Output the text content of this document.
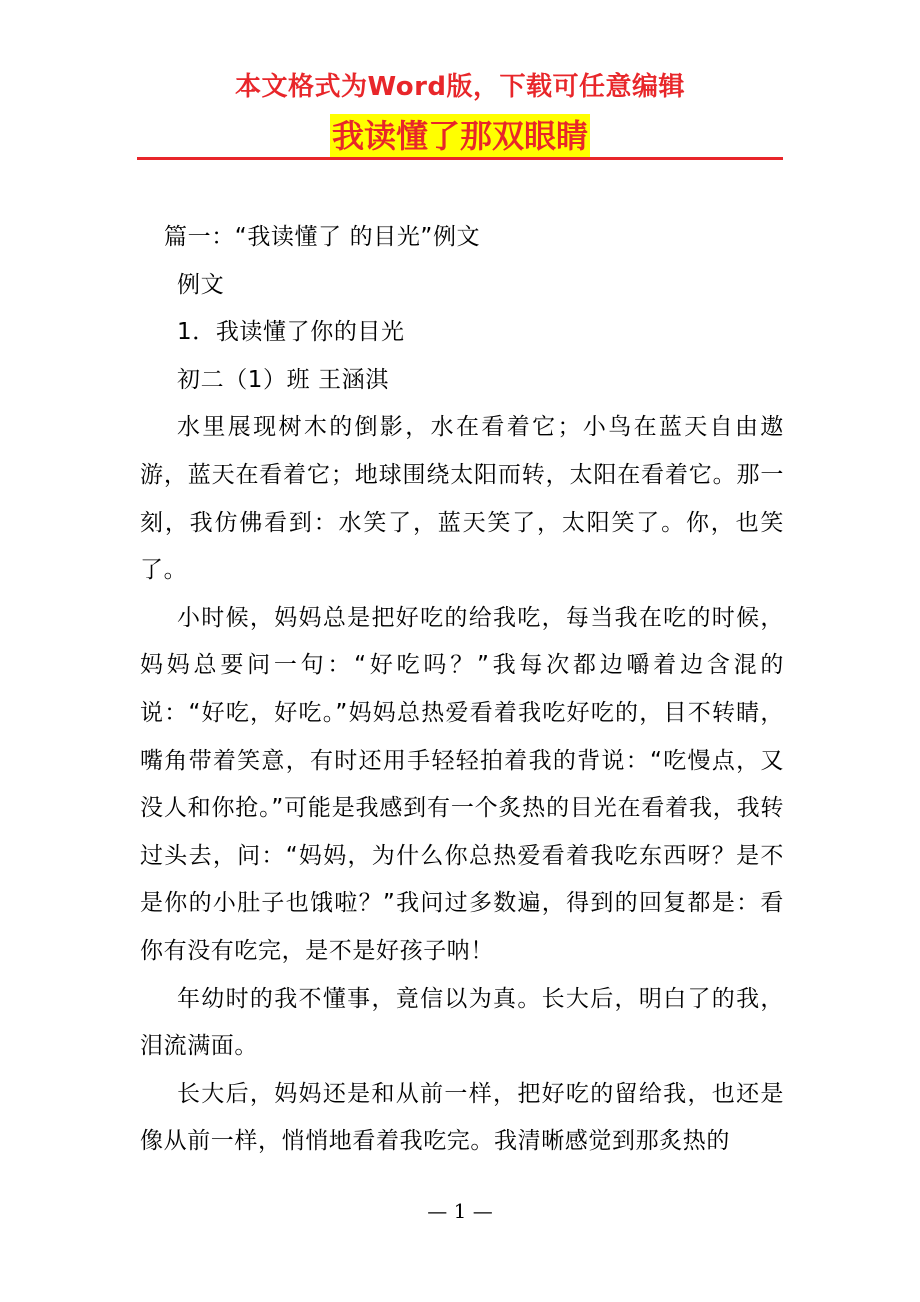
本文格式为Word版，下载可任意编辑
我读懂了那双眼睛

篇一：“我读懂了 的目光”例文

例文

1．我读懂了你的目光

初二（1）班 王涵淇

水里展现树木的倒影，水在看着它；小鸟在蓝天自由遨游，蓝天在看着它；地球围绕太阳而转，太阳在看着它。那一刻，我仿佛看到：水笑了，蓝天笑了，太阳笑了。你，也笑了。

小时候，妈妈总是把好吃的给我吃，每当我在吃的时候，妈妈总要问一句：“好吃吗？”我每次都边嚼着边含混的说：“好吃，好吃。”妈妈总热爱看着我吃好吃的，目不转睛，嘴角带着笑意，有时还用手轻轻拍着我的背说：“吃慢点，又没人和你抢。”可能是我感到有一个炙热的目光在看着我，我转过头去，问：“妈妈，为什么你总热爱看着我吃东西呀？是不是你的小肚子也饿啦？”我问过多数遍，得到的回复都是：看你有没有吃完，是不是好孩子呐！

年幼时的我不懂事，竟信以为真。长大后，明白了的我，泪流满面。

长大后，妈妈还是和从前一样，把好吃的留给我，也还是像从前一样，悄悄地看着我吃完。我清晰感觉到那炙热的

— 1 —
